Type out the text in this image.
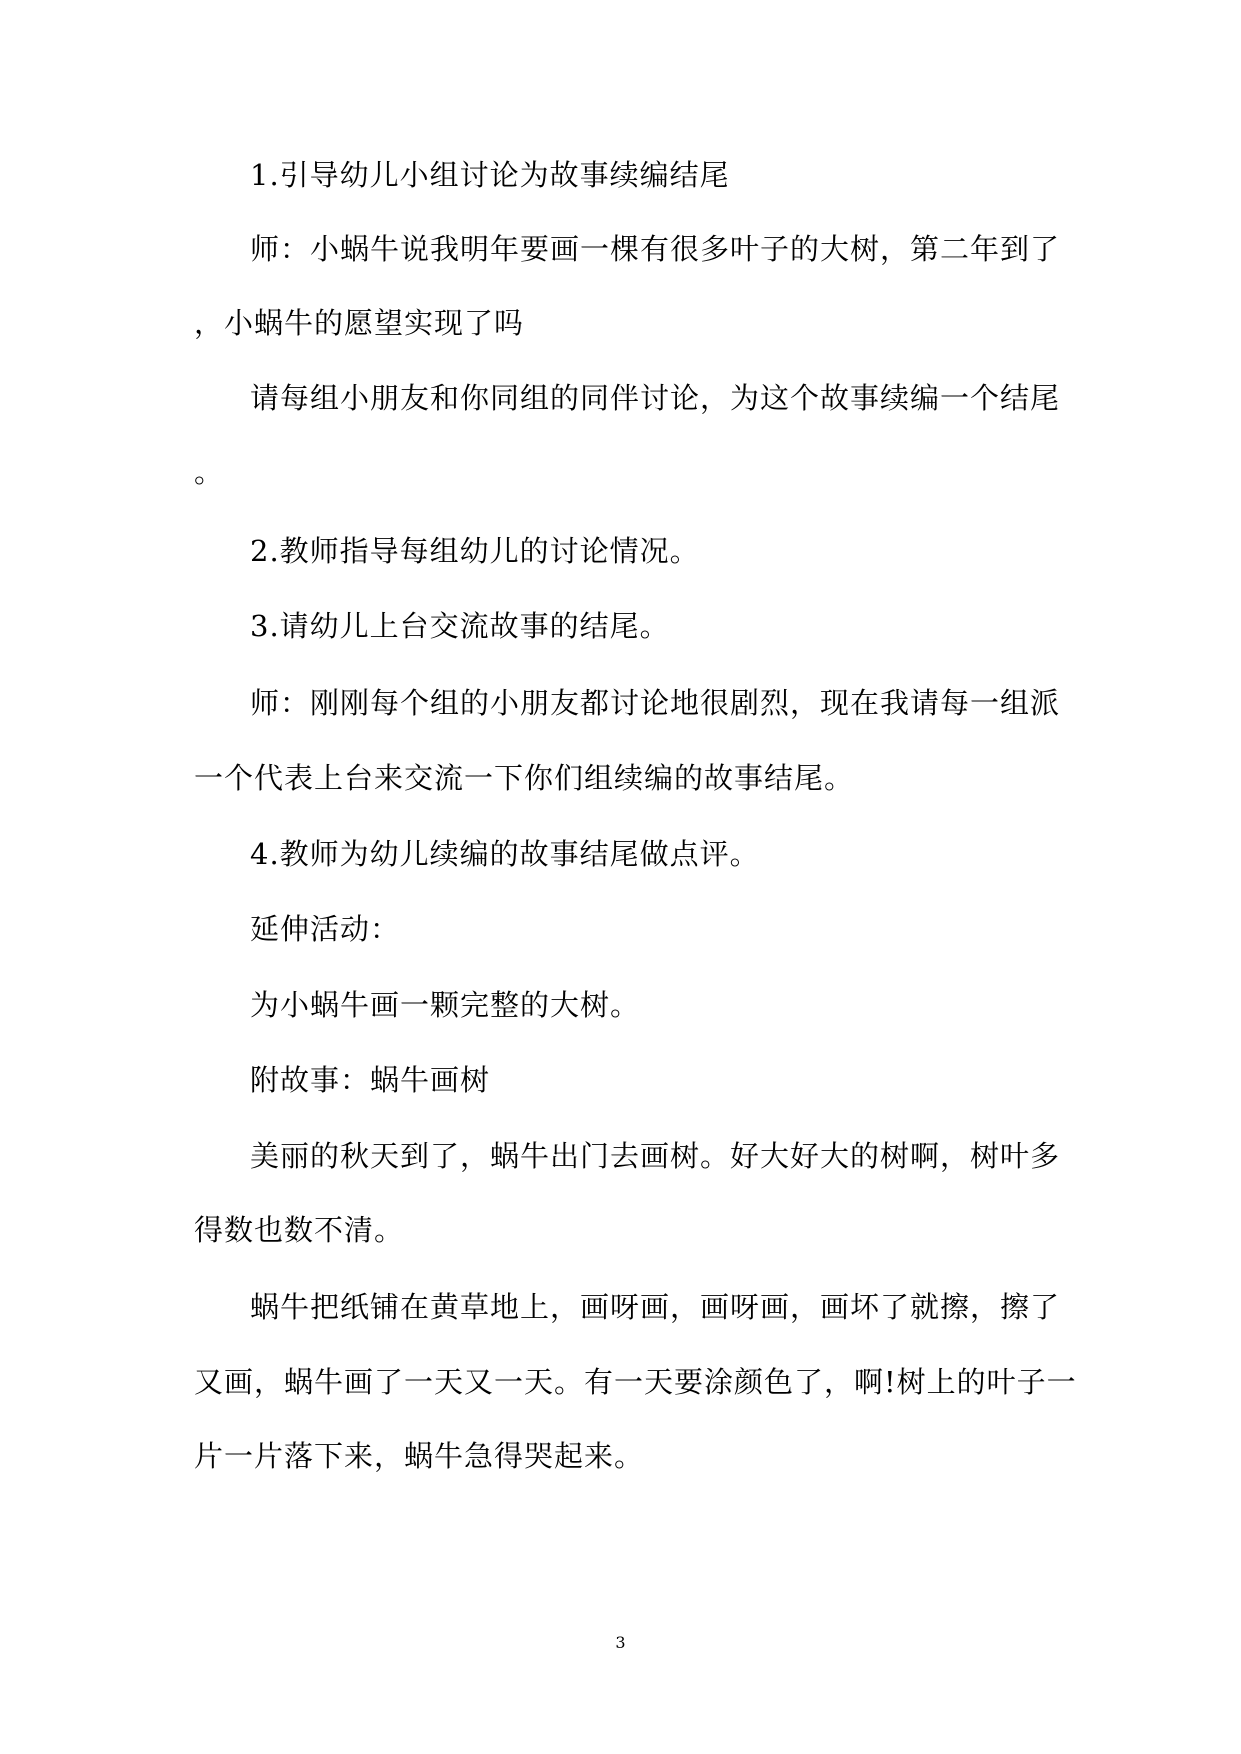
1.引导幼儿小组讨论为故事续编结尾
师：小蜗牛说我明年要画一棵有很多叶子的大树，第二年到了
，小蜗牛的愿望实现了吗
请每组小朋友和你同组的同伴讨论，为这个故事续编一个结尾
。
2.教师指导每组幼儿的讨论情况。
3.请幼儿上台交流故事的结尾。
师：刚刚每个组的小朋友都讨论地很剧烈，现在我请每一组派
一个代表上台来交流一下你们组续编的故事结尾。
4.教师为幼儿续编的故事结尾做点评。
延伸活动：
为小蜗牛画一颗完整的大树。
附故事：蜗牛画树
美丽的秋天到了，蜗牛出门去画树。好大好大的树啊，树叶多
得数也数不清。
蜗牛把纸铺在黄草地上，画呀画，画呀画，画坏了就擦，擦了
又画，蜗牛画了一天又一天。有一天要涂颜色了，啊!树上的叶子一
片一片落下来，蜗牛急得哭起来。
3
